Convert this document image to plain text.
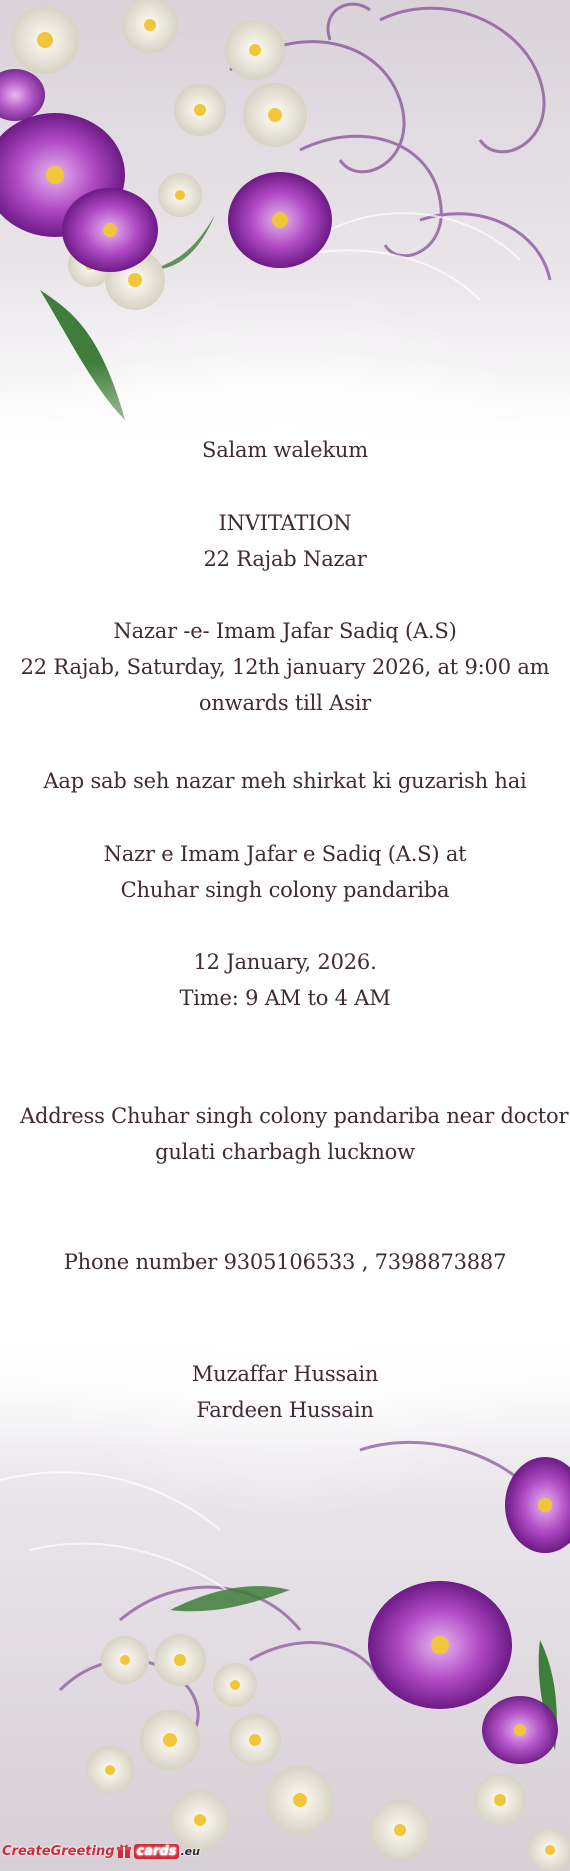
Salam walekum
INVITATION
22 Rajab Nazar
Nazar -e- Imam Jafar Sadiq (A.S)
22 Rajab, Saturday, 12th january 2026, at 9:00 am
onwards till Asir
Aap sab seh nazar meh shirkat ki guzarish hai
Nazr e Imam Jafar e Sadiq (A.S) at
Chuhar singh colony pandariba
12 January, 2026.
Time: 9 AM to 4 AM
Address Chuhar singh colony pandariba near doctor
gulati charbagh lucknow
Phone number 9305106533 , 7398873887
Muzaffar Hussain
Fardeen Hussain
CreateGreeting cards .eu
